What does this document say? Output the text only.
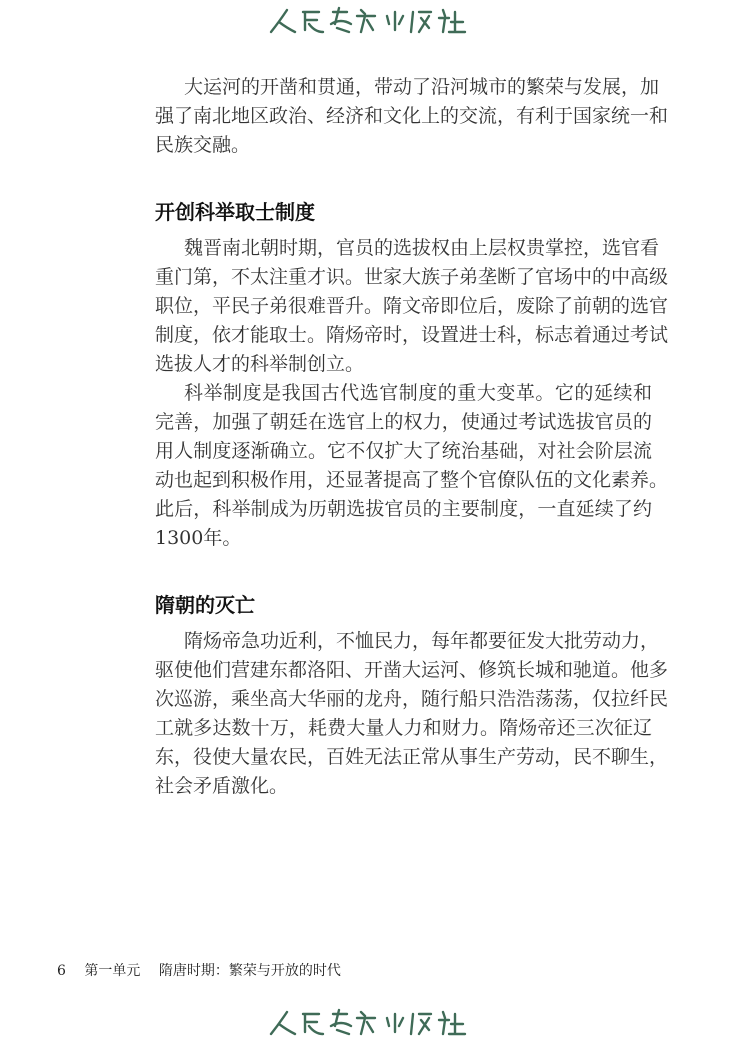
大运河的开凿和贯通，带动了沿河城市的繁荣与发展，加
强了南北地区政治、经济和文化上的交流，有利于国家统一和
民族交融。
开创科举取士制度
魏晋南北朝时期，官员的选拔权由上层权贵掌控，选官看
重门第，不太注重才识。世家大族子弟垄断了官场中的中高级
职位，平民子弟很难晋升。隋文帝即位后，废除了前朝的选官
制度，依才能取士。隋炀帝时，设置进士科，标志着通过考试
选拔人才的科举制创立。
科举制度是我国古代选官制度的重大变革。它的延续和
完善，加强了朝廷在选官上的权力，使通过考试选拔官员的
用人制度逐渐确立。它不仅扩大了统治基础，对社会阶层流
动也起到积极作用，还显著提高了整个官僚队伍的文化素养。
此后，科举制成为历朝选拔官员的主要制度，一直延续了约
1300年。
隋朝的灭亡
隋炀帝急功近利，不恤民力，每年都要征发大批劳动力，
驱使他们营建东都洛阳、开凿大运河、修筑长城和驰道。他多
次巡游，乘坐高大华丽的龙舟，随行船只浩浩荡荡，仅拉纤民
工就多达数十万，耗费大量人力和财力。隋炀帝还三次征辽
东，役使大量农民，百姓无法正常从事生产劳动，民不聊生，
社会矛盾激化。
6 第一单元 隋唐时期：繁荣与开放的时代
